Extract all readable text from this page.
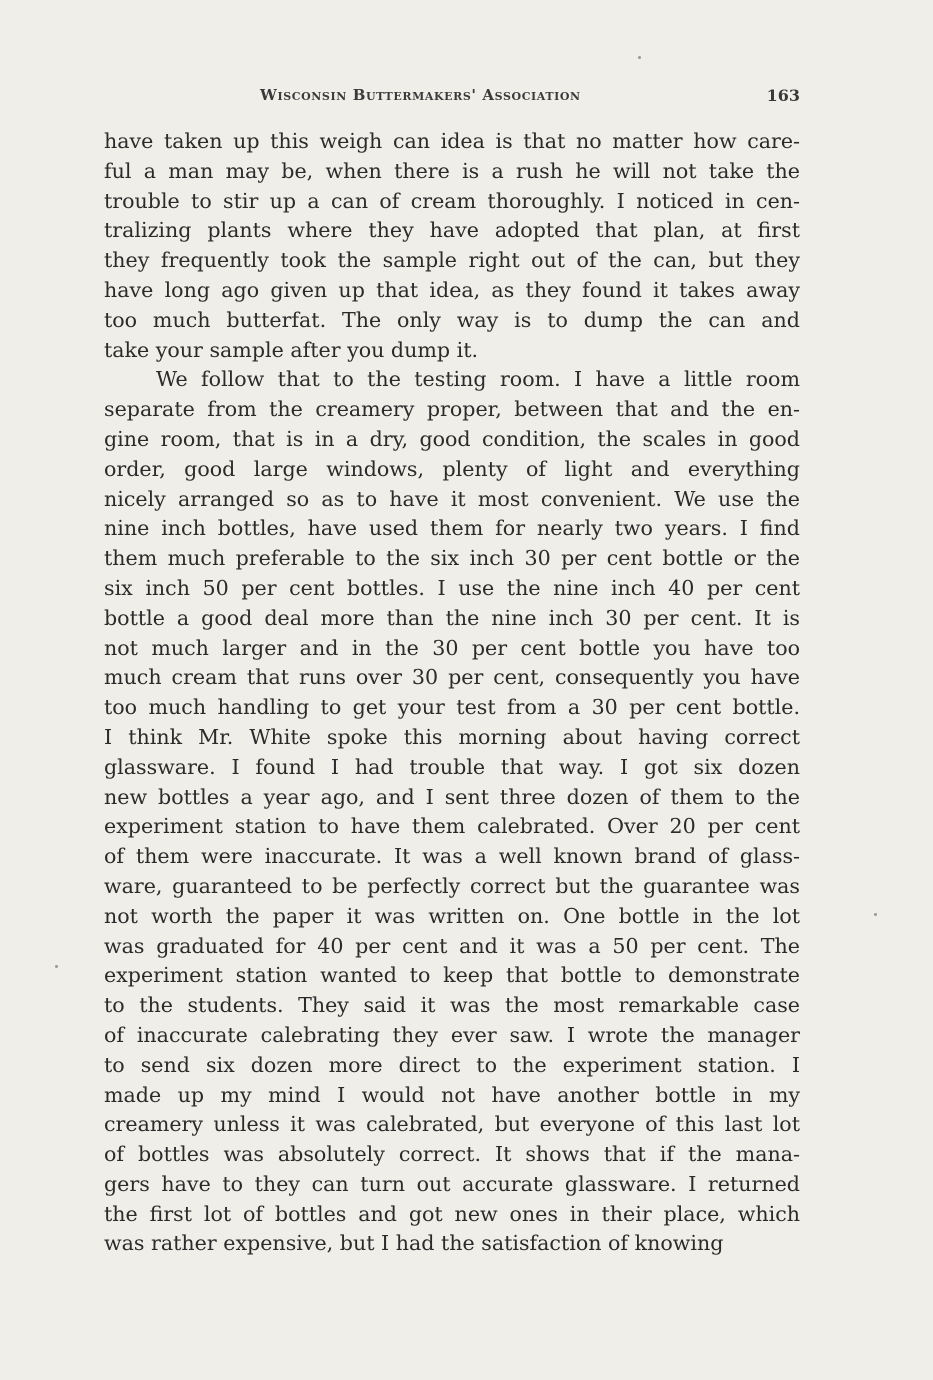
Wisconsin Buttermakers' Association	163
have taken up this weigh can idea is that no matter how care-
ful a man may be, when there is a rush he will not take the
trouble to stir up a can of cream thoroughly. I noticed in cen-
tralizing plants where they have adopted that plan, at first
they frequently took the sample right out of the can, but they
have long ago given up that idea, as they found it takes away
too much butterfat. The only way is to dump the can and
take your sample after you dump it.
We follow that to the testing room. I have a little room
separate from the creamery proper, between that and the en-
gine room, that is in a dry, good condition, the scales in good
order, good large windows, plenty of light and everything
nicely arranged so as to have it most convenient. We use the
nine inch bottles, have used them for nearly two years. I find
them much preferable to the six inch 30 per cent bottle or the
six inch 50 per cent bottles. I use the nine inch 40 per cent
bottle a good deal more than the nine inch 30 per cent. It is
not much larger and in the 30 per cent bottle you have too
much cream that runs over 30 per cent, consequently you have
too much handling to get your test from a 30 per cent bottle.
I think Mr. White spoke this morning about having correct
glassware. I found I had trouble that way. I got six dozen
new bottles a year ago, and I sent three dozen of them to the
experiment station to have them calebrated. Over 20 per cent
of them were inaccurate. It was a well known brand of glass-
ware, guaranteed to be perfectly correct but the guarantee was
not worth the paper it was written on. One bottle in the lot
was graduated for 40 per cent and it was a 50 per cent. The
experiment station wanted to keep that bottle to demonstrate
to the students. They said it was the most remarkable case
of inaccurate calebrating they ever saw. I wrote the manager
to send six dozen more direct to the experiment station. I
made up my mind I would not have another bottle in my
creamery unless it was calebrated, but everyone of this last lot
of bottles was absolutely correct. It shows that if the mana-
gers have to they can turn out accurate glassware. I returned
the first lot of bottles and got new ones in their place, which
was rather expensive, but I had the satisfaction of knowing
